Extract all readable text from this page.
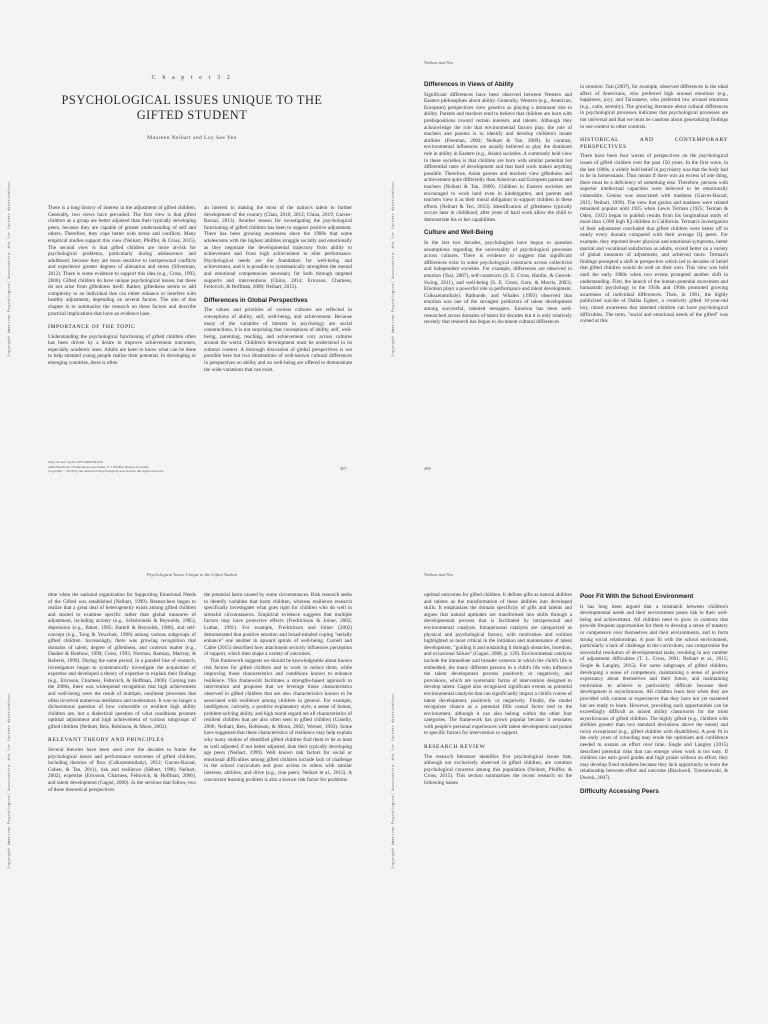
Copyright American Psychological Association. Not for further distribution.
C h a p t e r 3 2
PSYCHOLOGICAL ISSUES UNIQUE TO THE GIFTED STUDENT
Maureen Neihart and Loy See Yeo

There is a long history of interest in the adjustment of gifted children. Generally, two views have prevailed. The first view is that gifted children as a group are better adjusted than their typically developing peers, because they are capable of greater understanding of self and others. Therefore, they cope better with stress and conflicts. Many empirical studies support this view (Neihart, Pfeiffer, & Cross, 2015). The second view is that gifted children are more at-risk for psychological problems, particularly during adolescence and adulthood, because they are more sensitive to interpersonal conflicts and experience greater degrees of alienation and stress (Silverman, 2012). There is some evidence to support this idea (e.g., Cross, 1993, 2006). Gifted children do have unique psychological issues, but these do not arise from giftedness itself. Rather, giftedness seems to add complexity to an individual that can either enhance or interfere with healthy adjustment, depending on several factors. The aim of this chapter is to summarize the research on these factors and describe practical implications that have an evidence base.

IMPORTANCE OF THE TOPIC

Understanding the psychological functioning of gifted children often has been driven by a desire to improve achievement outcomes, especially academic ones. Adults are keen to know what can be done to help talented young people realize their potential. In developing or emerging countries, there is often

an interest in making the most of the nation's talent to further development of the country (Chan, 2010, 2012; China, 2019; Garces-Bacsal, 2013). Another reason for investigating the psychological functioning of gifted children has been to support positive adjustment. There has been growing awareness since the 1980s that some adolescents with the highest abilities struggle socially and emotionally as they negotiate the developmental trajectory from ability to achievement and from high achievement to elite performance. Psychological needs are the foundation for well-being and achievement, and it is possible to systematically strengthen the mental and emotional competencies necessary for both through targeted supports and interventions (China, 2014; Ericsson, Charness, Feltovich, & Hoffman, 2006; Neihart, 2015).

Differences in Global Perspectives

The values and priorities of various cultures are reflected in conceptions of ability, self, well-being, and achievement. Because many of the variables of interest in psychology are social constructions, it is not surprising that conceptions of ability, self, well-being, parenting, teaching, and achievement vary across cultures around the world. Children's development must be understood in its cultural context. A thorough discussion of global perspectives is not possible here but two illustrations of well-known cultural differences in perspectives on ability and on well-being are offered to demonstrate the wide variations that can exist.

http://dx.doi.org/10.1037/0000038-032
APA Handbook of Giftedness and Talent, S. I. Pfeiffer (Editor-in-Chief)
Copyright © 2018 by the American Psychological Association. All rights reserved.	497
Copyright American Psychological Association. Not for further distribution.
Neihart and Yeo
Differences in Views of Ability

Significant differences have been observed between Western and Eastern philosophies about ability. Generally, Western (e.g., American, European) perspectives view genetics as playing a dominant role in ability. Parents and teachers tend to believe that children are born with predispositions toward certain interests and talents. Although they acknowledge the role that environmental factors play, the role of teachers and parents is to identify and develop children's innate abilities (Freeman, 2004; Neihart & Tan, 2009). In contrast, environmental influences are usually believed to play the dominant role in ability in Eastern (e.g., Asian) societies. A commonly held view in these societies is that children are born with similar potential but differential rates of development and that hard work makes anything possible. Therefore, Asian parents and teachers view giftedness and achievement quite differently than American and European parents and teachers (Neihart & Tan, 2009). Children in Eastern societies are encouraged to work hard even in kindergarten, and parents and teachers view it as their moral obligation to support children in these efforts (Neihart & Teo, 2013). Identification of giftedness typically occurs later in childhood, after years of hard work allow the child to demonstrate his or her capabilities.

Culture and Well-Being

In the last two decades, psychologists have begun to question assumptions regarding the universality of psychological processes across cultures. There is evidence to suggest that significant differences exist in some psychological constructs across collectivist and independent societies. For example, differences are observed in emotion (Tsai, 2007), self-constructs (S. E. Cross, Hardin, & Gercek-Swing, 2011), and well-being (S. E. Cross, Gore, & Morris, 2003). Emotion plays a powerful role in performance and talent development. Csikszentmihalyi, Rathunde, and Whalen (1993) observed that emotion was one of the strongest predictors of talent development among successful, talented teenagers. Emotion has been well-researched across domains of talent for decades but it is only relatively recently that research has begun to document cultural differences

in emotion. Tsai (2007), for example, observed differences in the ideal affect of Americans, who preferred high arousal emotions (e.g., happiness, joy), and Taiwanese, who preferred low arousal emotions (e.g., calm, serenity). The growing literature about cultural differences in psychological processes indicates that psychological processes are not universal and that we must be cautious about generalizing findings in one context to other contexts.

HISTORICAL AND CONTEMPORARY PERSPECTIVES

There have been four waves of perspectives on the psychological issues of gifted children over the past 150 years. In the first wave, in the late 1800s, a widely held belief in psychiatry was that the body had to be in homeostasis. Thus meant if there was an excess of one thing, there must be a deficiency of something else. Therefore, persons with superior intellectual capacities were believed to be emotionally vulnerable. Genius was associated with madness (Garces-Bacsal, 2015; Neihart, 1999). The view that genius and madness were related remained popular until 1925 when Lewis Terman (1925; Terman & Oden, 1935) began to publish results from his longitudinal study of more than 1,000 high IQ children in California. Terman's investigation of their adjustment concluded that gifted children were better off in nearly every domain compared with their average IQ peers. For example, they reported fewer physical and emotional symptoms, better marital and vocational satisfaction as adults, scored better on a variety of global measures of adjustment, and achieved more. Terman's findings prompted a shift in perspective which led to decades of belief that gifted children would do well on their own. This view was held until the early 1980s when two events prompted another shift in understanding. First, the launch of the human potential movement and humanistic psychology in the 1950s and 1960s promoted growing awareness of individual differences. Then, in 1981, the highly publicized suicide of Dallas Egbert, a creatively gifted 16-year-old boy, raised awareness that talented children can have psychological difficulties. The term, "social and emotional needs of the gifted" was coined at this

498
Copyright American Psychological Association. Not for further distribution.
Psychological Issues Unique to the Gifted Student

time when the national organization for Supporting Emotional Needs of the Gifted was established (Neihart, 1999). Researchers began to realize that a great deal of heterogeneity exists among gifted children and started to examine specific rather than global measures of adjustment, including anxiety (e.g., Scholwinski & Reynolds, 1985), depression (e.g., Baker, 1995; Bartell & Reynolds, 1986), and self-concept (e.g., Tong & Yewchuk, 1996) among various subgroups of gifted children. Increasingly, there was growing recognition that domains of talent, degree of giftedness, and contexts matter (e.g., Dauber & Benbow, 1990; Cross, 1993; Norman, Ramsay, Martray, & Roberts, 1999). During the same period, in a parallel line of research, investigators began to systematically investigate the acquisition of expertise and developed a theory of expertise to explain their findings (e.g., Ericsson, Charness, Feltovich, & Hoffman, 2006). Coming into the 2000s, there was widespread recognition that high achievement and well-being were the result of multiple, nonlinear processes that often involved numerous mediators and moderators. It was no longer a dichotomous question of how vulnerable or resilient high ability children are, but a dialectical question of what conditions promote optimal adjustment and high achievement of various subgroups of gifted children (Neihart, Reis, Robinson, & Moon, 2002).

RELEVANT THEORY AND PRINCIPLES

Several theories have been used over the decades to frame the psychological issues and performance outcomes of gifted children, including theories of flow (Csikszentmihalyi, 2012; Garces-Bacsal, Cohen, & Tan, 2011), risk and resilience (Hébert, 1996; Neihart, 2002), expertise (Ericsson, Charness, Feltovich, & Hoffman, 2006), and talent development (Gagné, 2000). In the sections that follow, two of these theoretical perspectives

the potential harm caused by some circumstances. Risk research seeks to identify variables that harm children, whereas resilience research specifically investigates what goes right for children who do well in stressful circumstances. Empirical evidence suggests that multiple factors may have protective effects (Fredrickson & Joiner, 2002; Luthar, 1991). For example, Fredrickson and Joiner (2002) demonstrated that positive emotion and broad-minded coping "serially enhance" one another in upward spirals of well-being. Cornell and Cable (2015) described how attachment security influences perception of support, which then shape a variety of outcomes.

This framework suggests we should be knowledgeable about known risk factors for gifted children and to work to reduce them, while improving those characteristics and conditions known to enhance resilience. This framework facilitates a strengths-based approach to intervention and proposes that we leverage those characteristics observed in gifted children that are also characteristics known to be associated with resilience among children in general. For example, intelligence, curiosity, a positive explanatory style, a sense of humor, problem-solving ability, and high moral regard are all characteristics of resilient children that are also often seen in gifted children (Conelly, 2006; Neihart, Reis, Robinson, & Moon, 2002; Werner, 1993). Some have suggested that these characteristics of resilience may help explain why many studies of identified gifted children find them to be at least as well adjusted, if not better adjusted, than their typically developing age peers (Neihart, 1999). Well known risk factors for social or emotional difficulties among gifted children include lack of challenge in the school curriculum and poor access to others with similar interests, abilities, and drive (e.g., true peers; Neihart et al., 2015). A concurrent learning problem is also a known risk factor for problems	Copyright American Psychological Association. Not for further distribution.
Neihart and Yeo

optimal outcomes for gifted children. It defines gifts as natural abilities and talents as the transformation of these abilities into developed skills. It emphasizes the domain specificity of gifts and talents and argues that natural aptitudes are transformed into skills through a developmental process that is facilitated by intrapersonal and environmental catalysts. Intrapersonal catalysts are categorized as physical and psychological factors, with motivation and volition highlighted as most critical in the initiation and maintenance of talent development, "guiding it and sustaining it through obstacles, boredom, and occasional failure" (Gagné, 2000, p. 120). Environmental catalysts include the immediate and broader contexts in which the child's life is embedded, the many different persons in a child's life who influence the talent development process positively or negatively, and provisions, which are systematic forms of intervention designed to develop talent. Gagné also recognized significant events as potential environmental catalysts that can significantly impact a child's course of talent development, positively or negatively. Finally, the model recognizes chance as a potential fifth causal factor tied to the environment, although it can also belong within the other four categories. The framework has grown popular because it resonates with people's personal experiences with talent development and points to specific factors for intervention or support.

RESEARCH REVIEW

The research literature identifies five psychological issues that, although not exclusively observed in gifted children, are common psychological concerns among this population (Neihart, Pfeiffer, & Cross, 2015). This section summarizes the recent research on the following issues

Poor Fit With the School Environment

It has long been argued that a mismatch between children's developmental needs and their environment poses risk to their well-being and achievement. All children need to grow in contexts that provide frequent opportunities for them to develop a sense of mastery or competence over themselves and their environments, and to form strong social relationships. A poor fit with the school environment, particularly a lack of challenge in the curriculum, can compromise the successful resolution of developmental tasks, resulting in any number of adjustment difficulties (T. L. Cross, 2001; Neihart et al., 2015; Siegle & Langley, 2015). For some subgroups of gifted children, developing a sense of competence, maintaining a sense of positive expectancy about themselves and their future, and maintaining motivation to achieve is particularly difficult because their development is asynchronous. All children learn best when they are provided with content or experiences that they have not yet mastered but are ready to learn. However, providing such opportunities can be exceedingly difficult as mixed ability classrooms for the most asynchronous of gifted children. The highly gifted (e.g., children with abilities greater than two standard deviations above the mean) and twice exceptional (e.g., gifted children with disabilities). A poor fit in the early years of schooling may erode the optimism and confidence needed to sustain an effort over time. Siegle and Langley (2015) described potential risks that can emerge when work is too easy. If children can earn good grades and high praise without an effort, they may develop fixed mindsets because they lack opportunity to learn the relationship between effort and outcome (Blackwell, Trzesniewski, & Dweck, 2007).

Difficulty Accessing Peers
